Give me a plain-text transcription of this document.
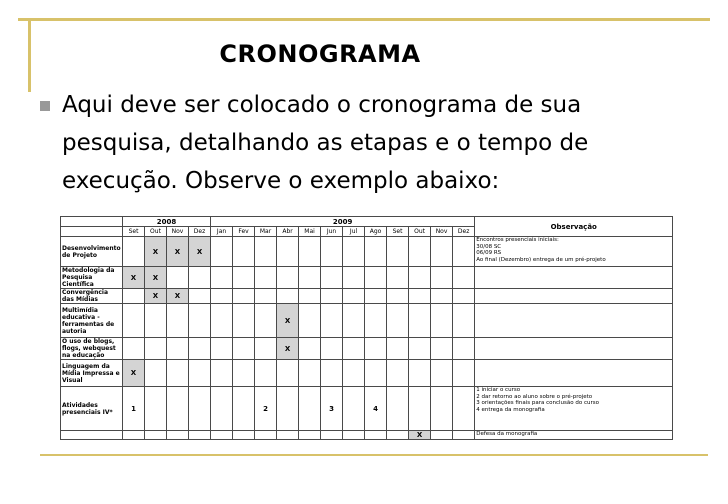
CRONOGRAMA
Aqui deve ser colocado o cronograma de sua pesquisa, detalhando as etapas e o tempo de execução. Observe o exemplo abaixo:
	2008				2009												Observação
	Set	Out	Nov	Dez	Jan	Fev	Mar	Abr	Mai	Jun	Jul	Ago	Set	Out	Nov	Dez	
Desenvolvimento de Projeto		X	X	X													Encontros presenciais iniciais:
30/08 SC
06/09 RS
Ao final (Dezembro) entrega de um pré-projeto

Metodologia da Pesquisa Científica	X	X															
Convergência das Mídias		X	X														
Multimídia educativa - ferramentas de autoria								X									
O uso de blogs, flogs, webquest na educação								X									
Linguagem da Mídia Impressa e Visual	X																
Atividades presenciais IV*	1						2			3		4					1 iniciar o curso
2 dar retorno ao aluno sobre o pré-projeto
3 orientações finais para conclusão do curso
4 entrega da monografia

														X			Defesa da monografia
